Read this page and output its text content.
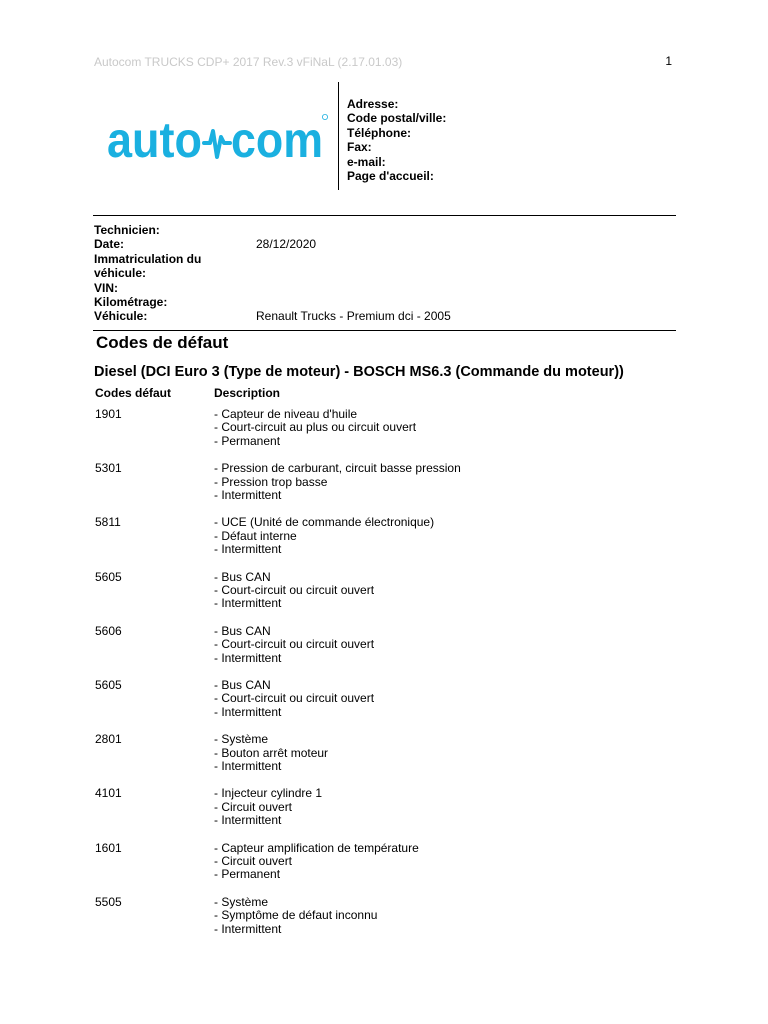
Autocom TRUCKS CDP+ 2017 Rev.3 vFiNaL (2.17.01.03)	1
auto com
Adresse:
Code postal/ville:
Téléphone:
Fax:
e-mail:
Page d'accueil:
Technicien:
Date:	28/12/2020
Immatriculation du
véhicule:
VIN:
Kilométrage:
Véhicule:	Renault Trucks - Premium dci - 2005
Codes de défaut
Diesel (DCI Euro 3 (Type de moteur) - BOSCH MS6.3 (Commande du moteur))
Codes défaut	Description
1901	- Capteur de niveau d'huile
- Court-circuit au plus ou circuit ouvert
- Permanent
5301	- Pression de carburant, circuit basse pression
- Pression trop basse
- Intermittent
5811	- UCE (Unité de commande électronique)
- Défaut interne
- Intermittent
5605	- Bus CAN
- Court-circuit ou circuit ouvert
- Intermittent
5606	- Bus CAN
- Court-circuit ou circuit ouvert
- Intermittent
5605	- Bus CAN
- Court-circuit ou circuit ouvert
- Intermittent
2801	- Système
- Bouton arrêt moteur
- Intermittent
4101	- Injecteur cylindre 1
- Circuit ouvert
- Intermittent
1601	- Capteur amplification de température
- Circuit ouvert
- Permanent
5505	- Système
- Symptôme de défaut inconnu
- Intermittent
